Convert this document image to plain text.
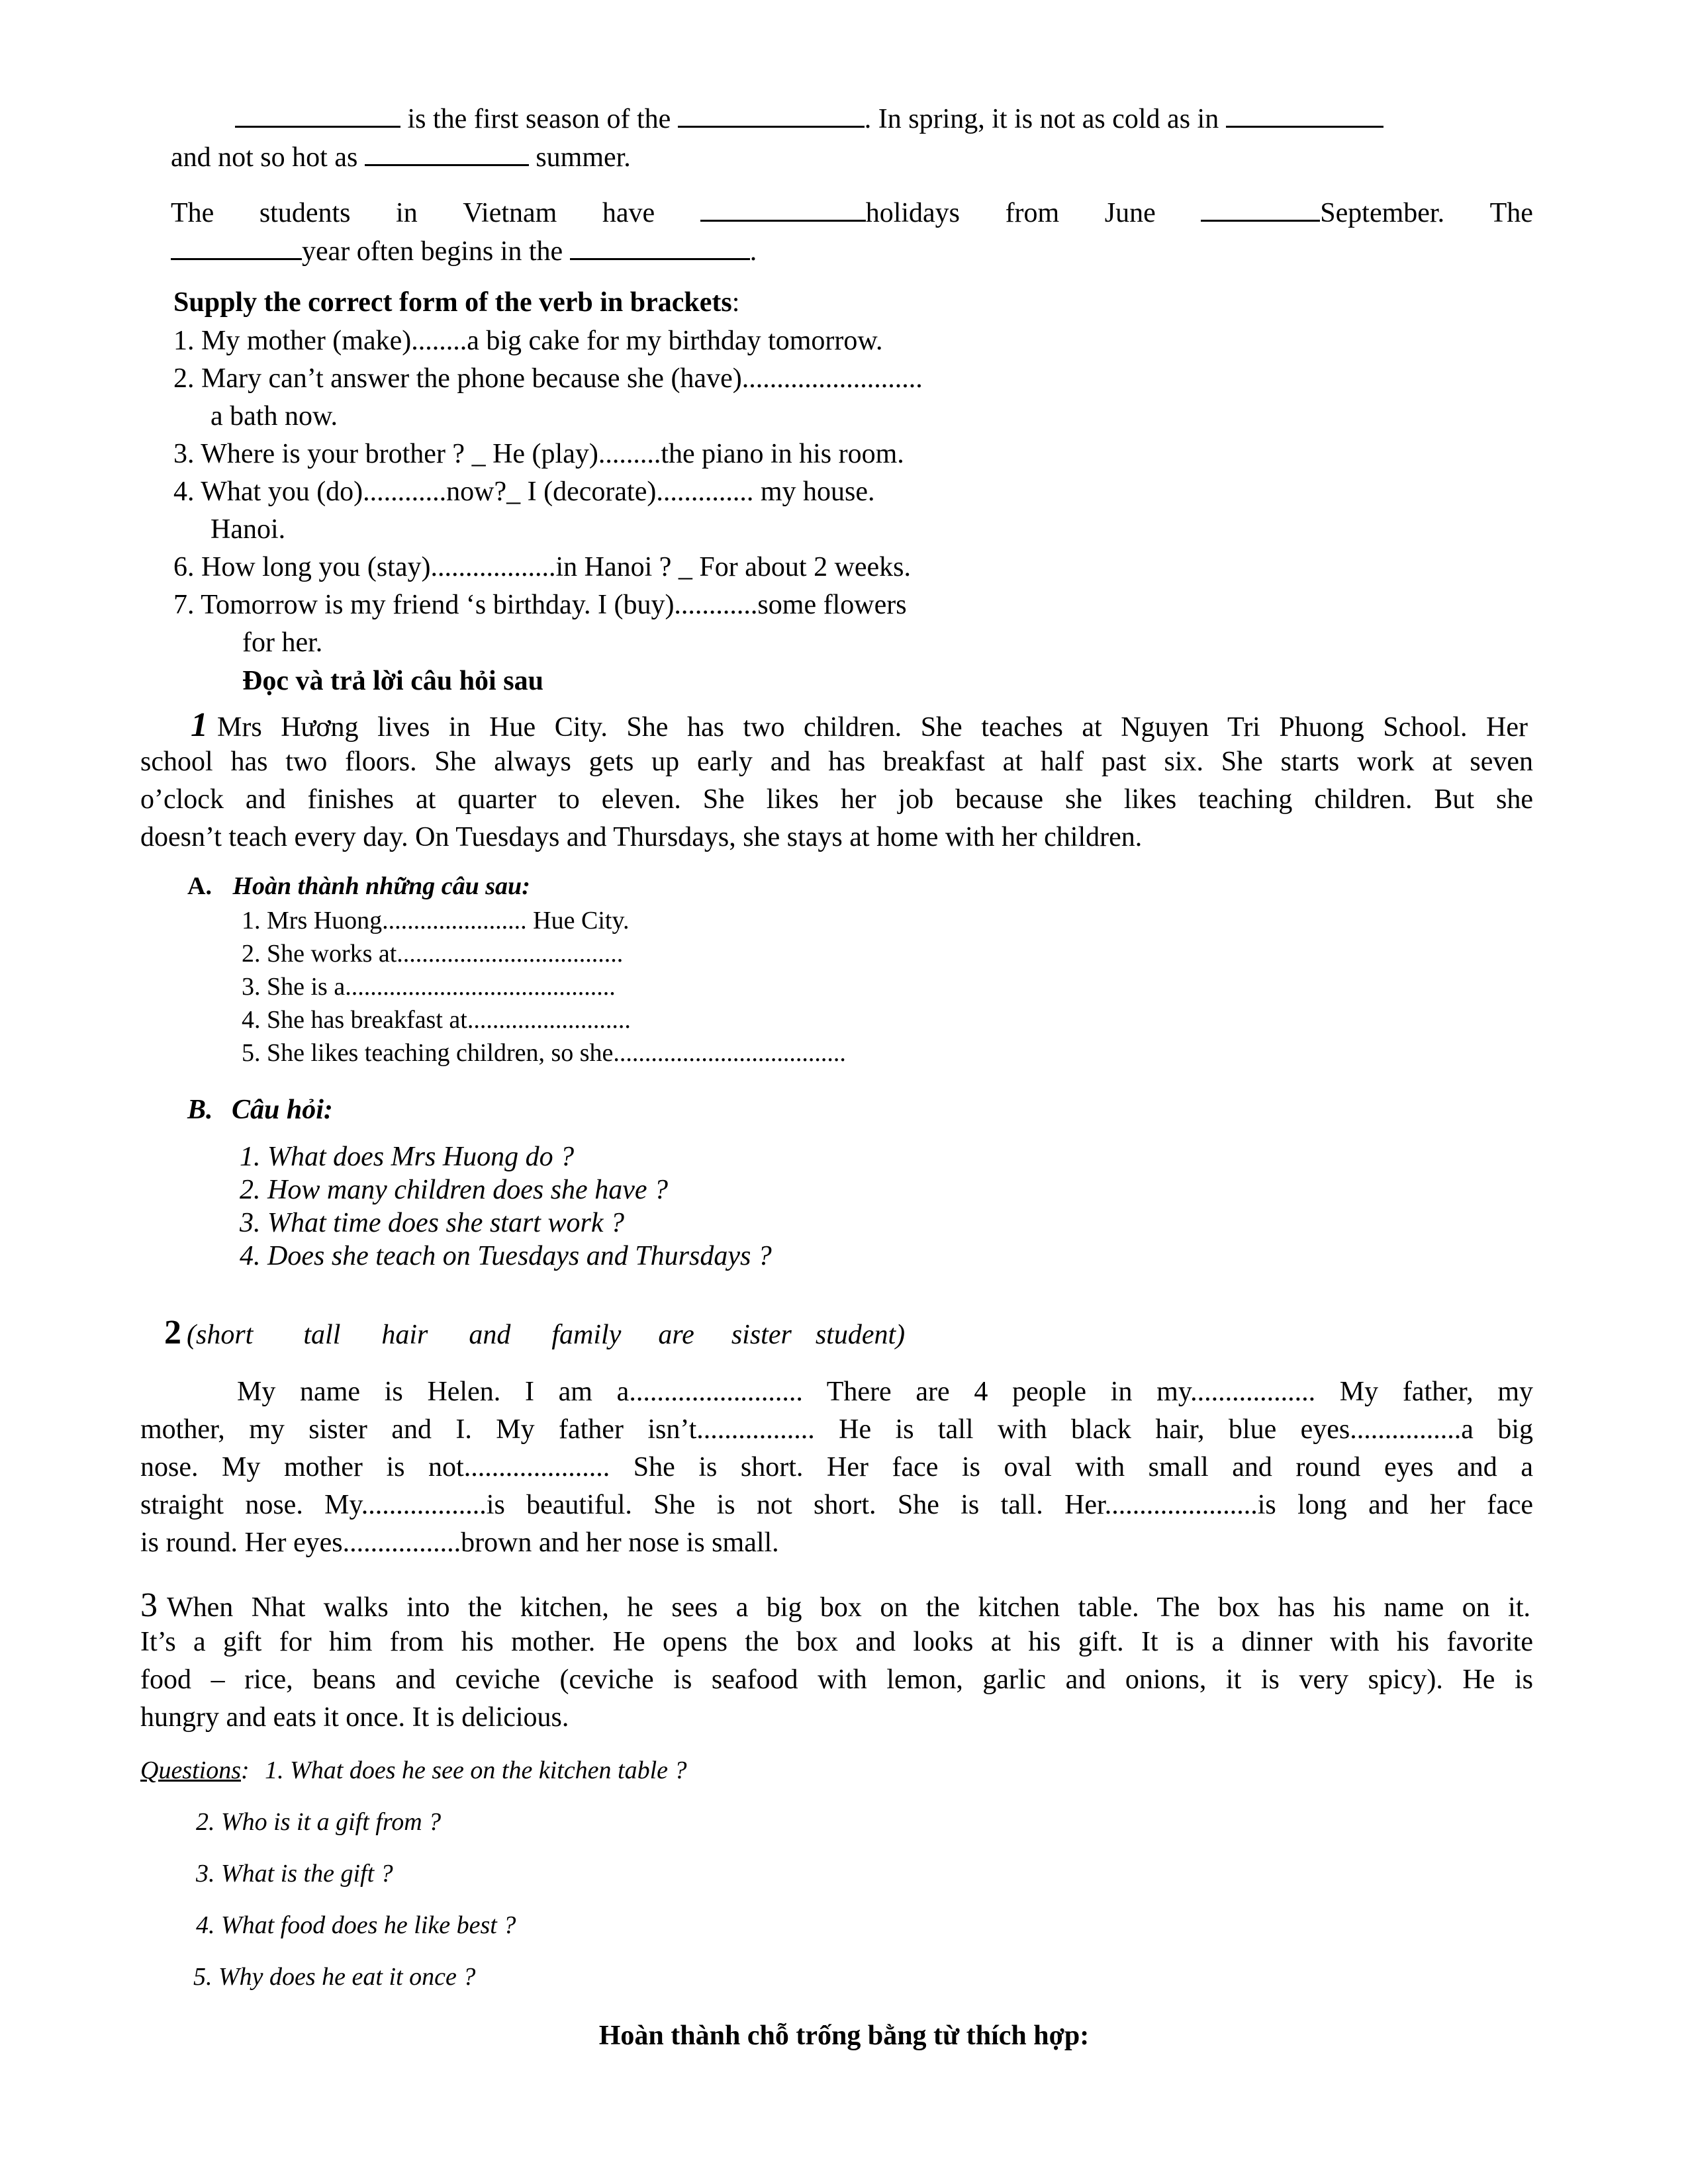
is the first season of the	. In spring, it is not as cold as in
and not so hot as	summer.
The students in Vietnam have	holidays from June	September. The
year often begins in the	.
Supply the correct form of the verb in brackets:
1. My mother (make)........a big cake for my birthday tomorrow.
2. Mary can’t answer the phone because she (have)..........................
a bath now.
3. Where is your brother ? _ He (play).........the piano in his room.
4. What you (do)............now?_ I (decorate).............. my house.
Hanoi.
6. How long you (stay)..................in Hanoi ? _ For about 2 weeks.
7. Tomorrow is my friend ‘s birthday. I (buy)............some flowers
for her.
Đọc và trả lời câu hỏi sau
1 Mrs Hương lives in Hue City. She has two children. She teaches at Nguyen Tri Phuong School. Her
school has two floors. She always gets up early and has breakfast at half past six. She starts work at seven
o’clock and finishes at quarter to eleven. She likes her job because she likes teaching children. But she
doesn’t teach every day. On Tuesdays and Thursdays, she stays at home with her children.
A. Hoàn thành những câu sau:
1. Mrs Huong....................... Hue City.
2. She works at....................................
3. She is a...........................................
4. She has breakfast at..........................
5. She likes teaching children, so she.....................................
B. Câu hỏi:
1. What does Mrs Huong do ?
2. How many children does she have ?
3. What time does she start work ?
4. Does she teach on Tuesdays and Thursdays ?
2 (short tall hair and family are sister student)
My name is Helen. I am a......................... There are 4 people in my.................. My father, my
mother, my sister and I. My father isn’t................. He is tall with black hair, blue eyes................a big
nose. My mother is not..................... She is short. Her face is oval with small and round eyes and a
straight nose. My..................is beautiful. She is not short. She is tall. Her......................is long and her face
is round. Her eyes.................brown and her nose is small.
3 When Nhat walks into the kitchen, he sees a big box on the kitchen table. The box has his name on it.
It’s a gift for him from his mother. He opens the box and looks at his gift. It is a dinner with his favorite
food – rice, beans and ceviche (ceviche is seafood with lemon, garlic and onions, it is very spicy). He is
hungry and eats it once. It is delicious.
Questions: 1. What does he see on the kitchen table ?
2. Who is it a gift from ?
3. What is the gift ?
4. What food does he like best ?
5. Why does he eat it once ?
Hoàn thành chỗ trống bằng từ thích hợp:
